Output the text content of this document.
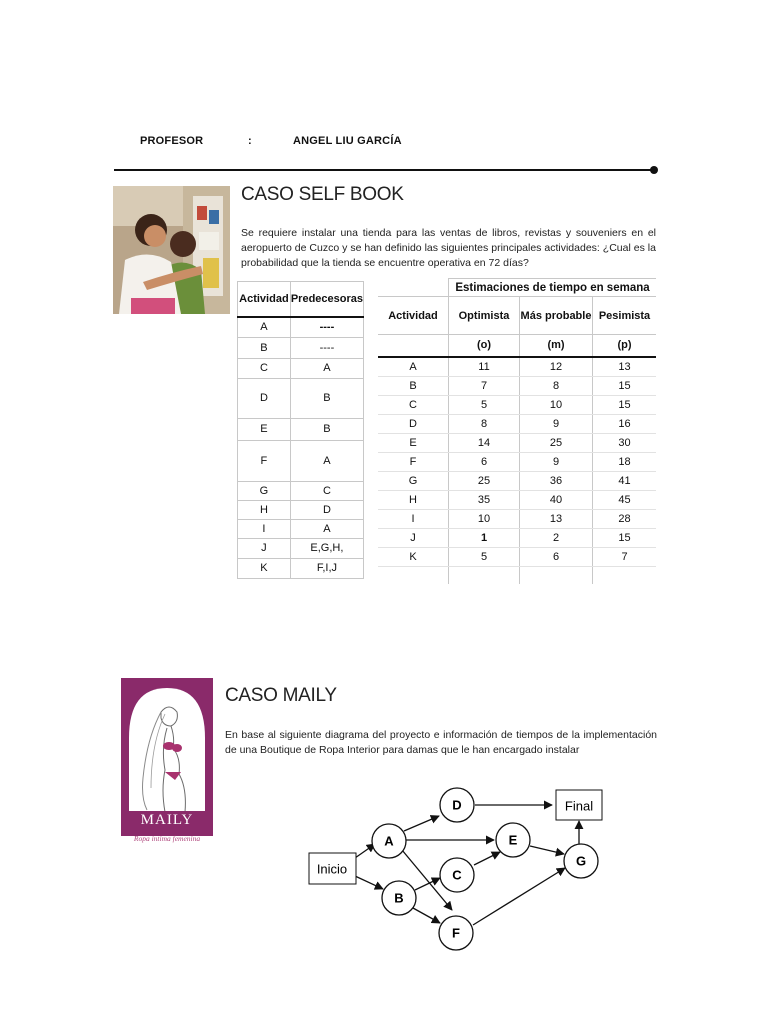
PROFESOR	:	ANGEL LIU GARCÍA
CASO SELF BOOK
Se requiere instalar una tienda para las ventas de libros, revistas y souveniers en el aeropuerto de Cuzco y se han definido las siguientes principales actividades: ¿Cual es la probabilidad que la tienda se encuentre operativa en 72 días?
Actividad	Predecesoras
A	----
B	----
C	A
D	B
E	B
F	A
G	C
H	D
I	A
J	E,G,H,
K	F,I,J
	Estimaciones de tiempo en semana		
Actividad	Optimista	Más probable	Pesimista
	(o)	(m)	(p)
A	11	12	13
B	7	8	15
C	5	10	15
D	8	9	16
E	14	25	30
F	6	9	18
G	25	36	41
H	35	40	45
I	10	13	28
J	1	2	15
K	5	6	7

MAILY
Ropa intima femenina
CASO MAILY
En base al siguiente diagrama del proyecto e información de tiempos de la implementación de una Boutique de Ropa Interior para damas que le han encargado instalar
Inicio
Final
A
B
C
D
E
F
G
